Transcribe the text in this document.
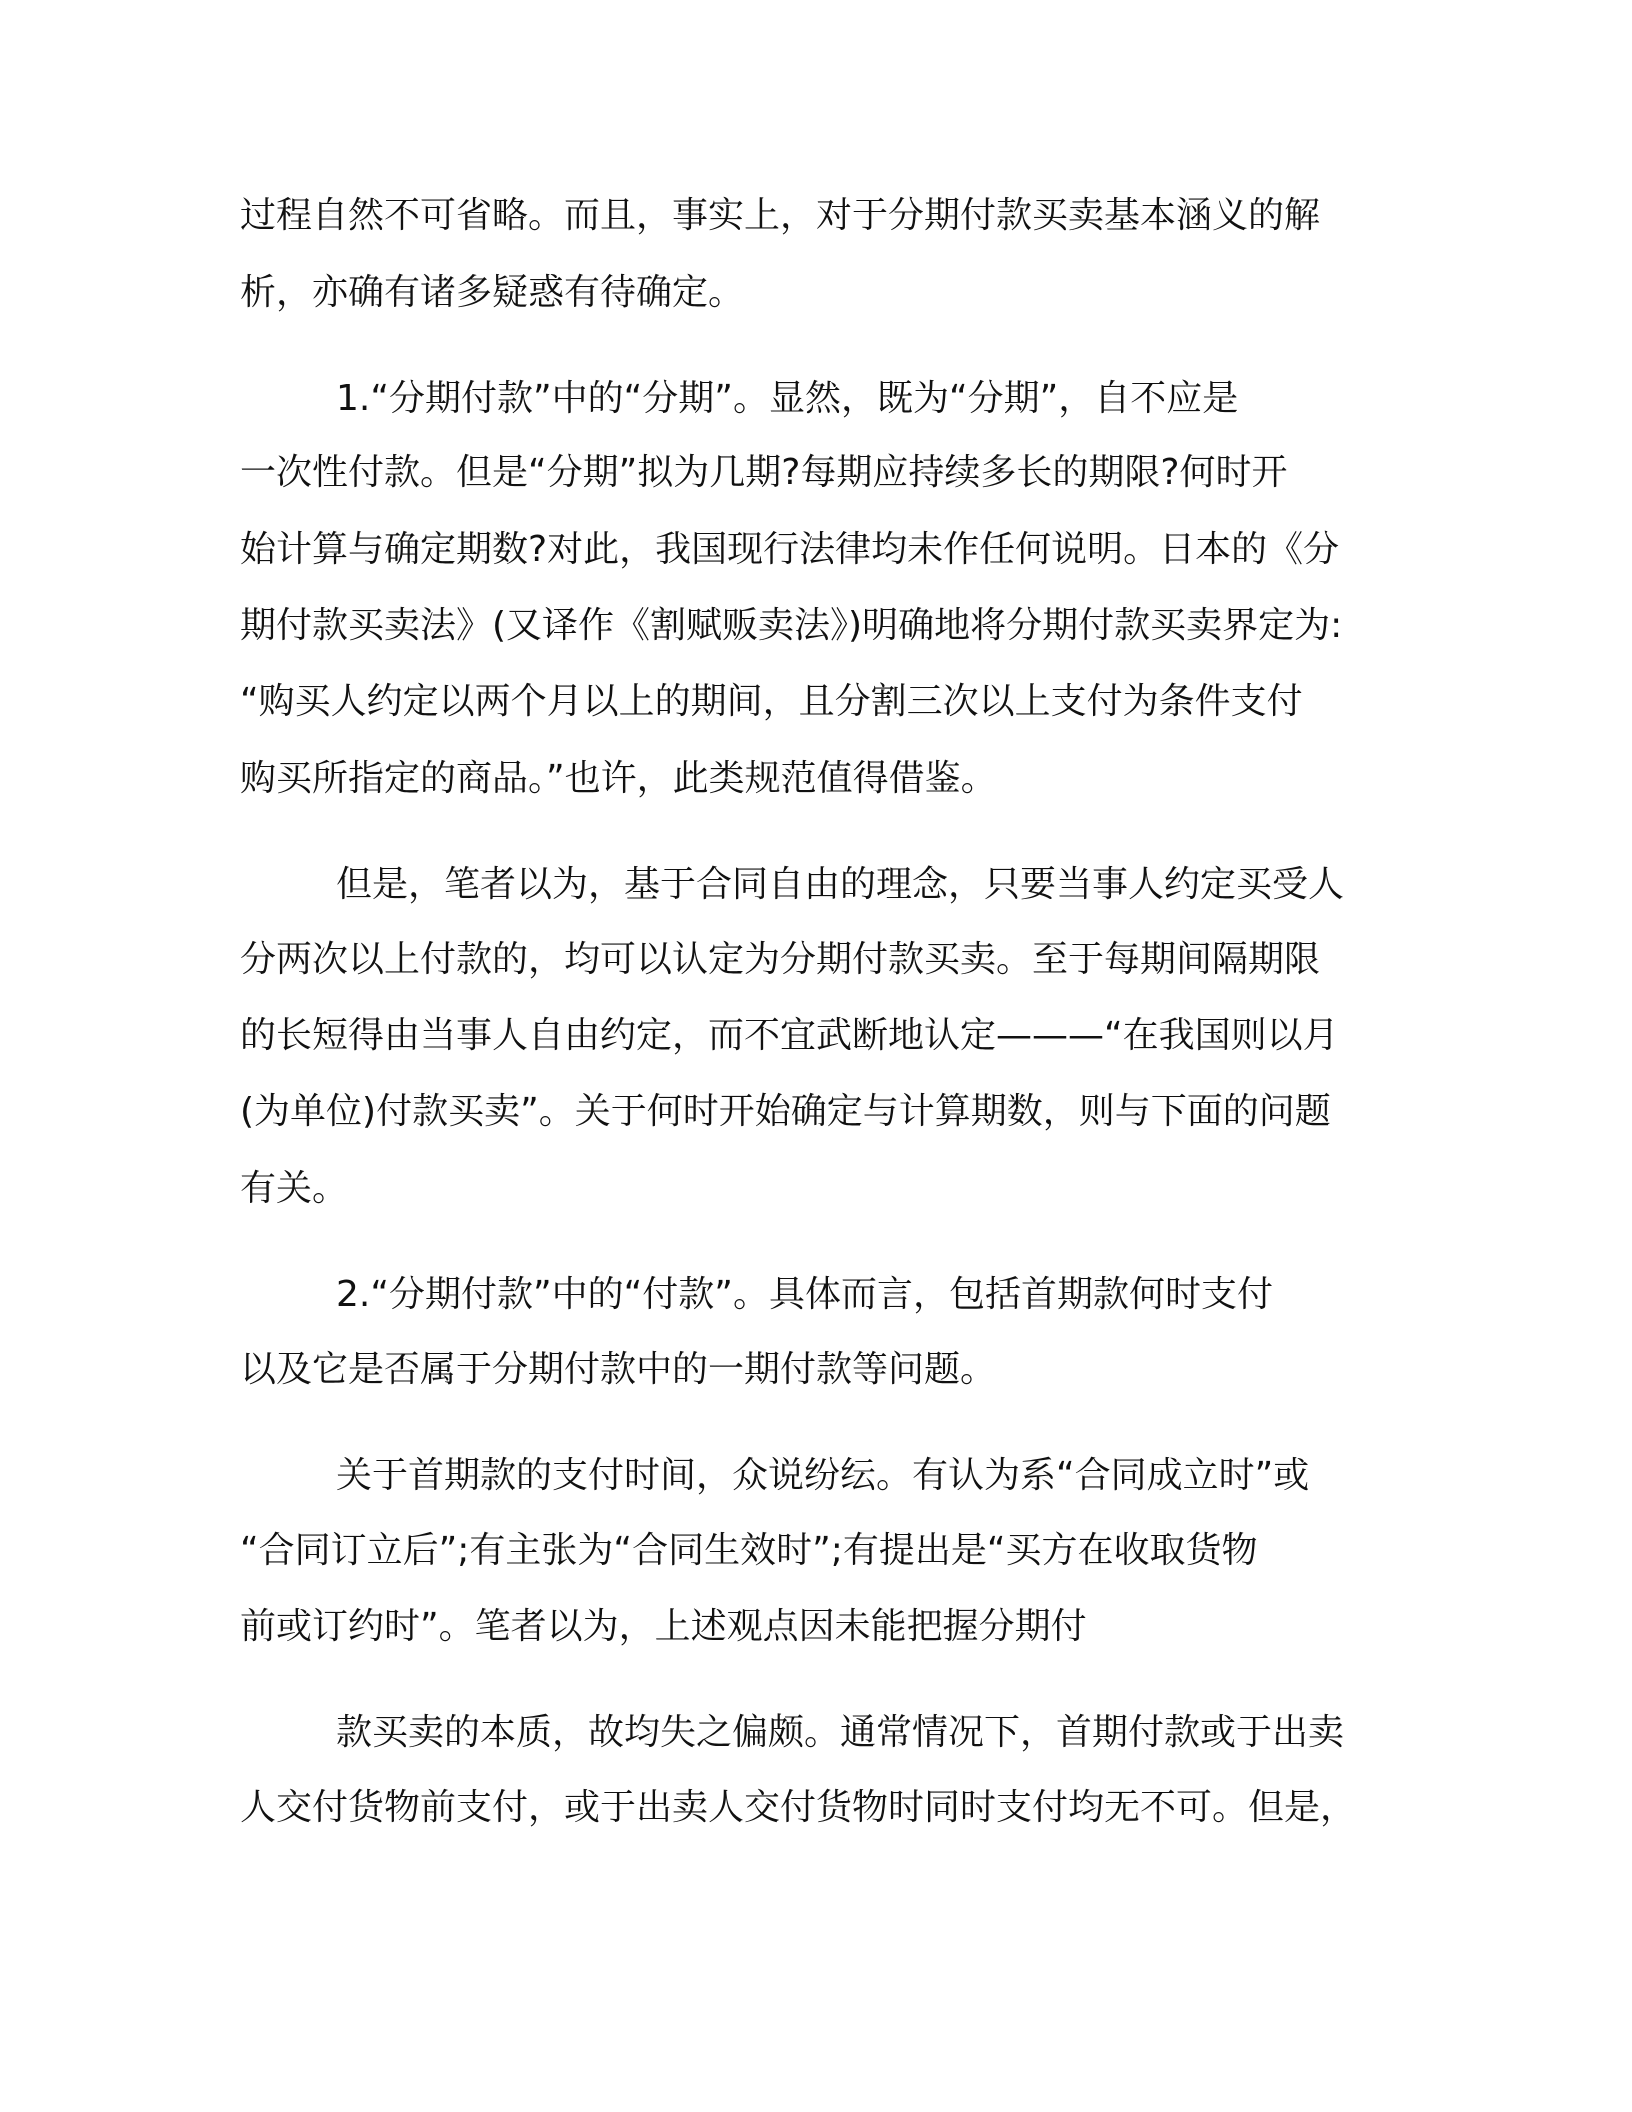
过程自然不可省略。而且，事实上，对于分期付款买卖基本涵义的解
析，亦确有诸多疑惑有待确定。
1.“分期付款”中的“分期”。显然，既为“分期”，自不应是
一次性付款。但是“分期”拟为几期?每期应持续多长的期限?何时开
始计算与确定期数?对此，我国现行法律均未作任何说明。日本的《分
期付款买卖法》(又译作《割赋贩卖法》)明确地将分期付款买卖界定为:
“购买人约定以两个月以上的期间，且分割三次以上支付为条件支付
购买所指定的商品。”也许，此类规范值得借鉴。
但是，笔者以为，基于合同自由的理念，只要当事人约定买受人
分两次以上付款的，均可以认定为分期付款买卖。至于每期间隔期限
的长短得由当事人自由约定，而不宜武断地认定———“在我国则以月
(为单位)付款买卖”。关于何时开始确定与计算期数，则与下面的问题
有关。
2.“分期付款”中的“付款”。具体而言，包括首期款何时支付
以及它是否属于分期付款中的一期付款等问题。
关于首期款的支付时间，众说纷纭。有认为系“合同成立时”或
“合同订立后”;有主张为“合同生效时”;有提出是“买方在收取货物
前或订约时”。笔者以为，上述观点因未能把握分期付
款买卖的本质，故均失之偏颇。通常情况下，首期付款或于出卖
人交付货物前支付，或于出卖人交付货物时同时支付均无不可。但是，
